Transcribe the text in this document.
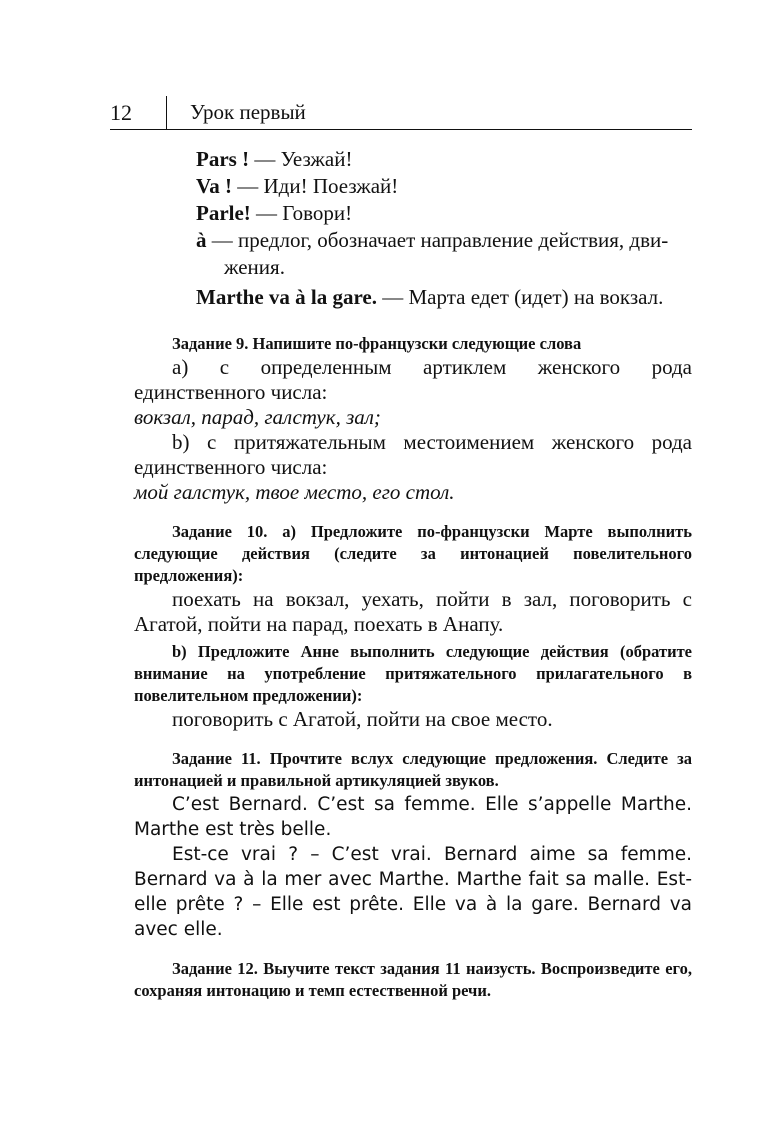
12	Урок первый

Pars ! — Уезжай!

Va ! — Иди! Поезжай!

Parle! — Говори!

à — предлог, обозначает направление действия, дви-

жения.

Marthe va à la gare. — Марта едет (идет) на вокзал.

Задание 9. Напишите по-французски следующие слова

а) с определенным артиклем женского рода единственного числа:

вокзал, парад, галстук, зал;

b) с притяжательным местоимением женского рода единственного числа:

мой галстук, твое место, его стол.

Задание 10. а) Предложите по-французски Марте выполнить следующие действия (следите за интонацией повелительного предложения):

поехать на вокзал, уехать, пойти в зал, поговорить с Агатой, пойти на парад, поехать в Анапу.

b) Предложите Анне выполнить следующие действия (обратите внимание на употребление притяжательного прилагательного в повелительном предложении):

поговорить с Агатой, пойти на свое место.

Задание 11. Прочтите вслух следующие предложения. Следите за интонацией и правильной артикуляцией звуков.

C’est Bernard. C’est sa femme. Elle s’appelle Marthe. Marthe est très belle.

Est-ce vrai ? – C’est vrai. Bernard aime sa femme. Bernard va à la mer avec Marthe. Marthe fait sa malle. Est-elle prête ? – Elle est prête. Elle va à la gare. Bernard va avec elle.

Задание 12. Выучите текст задания 11 наизусть. Воспроизведите его, сохраняя интонацию и темп естественной речи.
